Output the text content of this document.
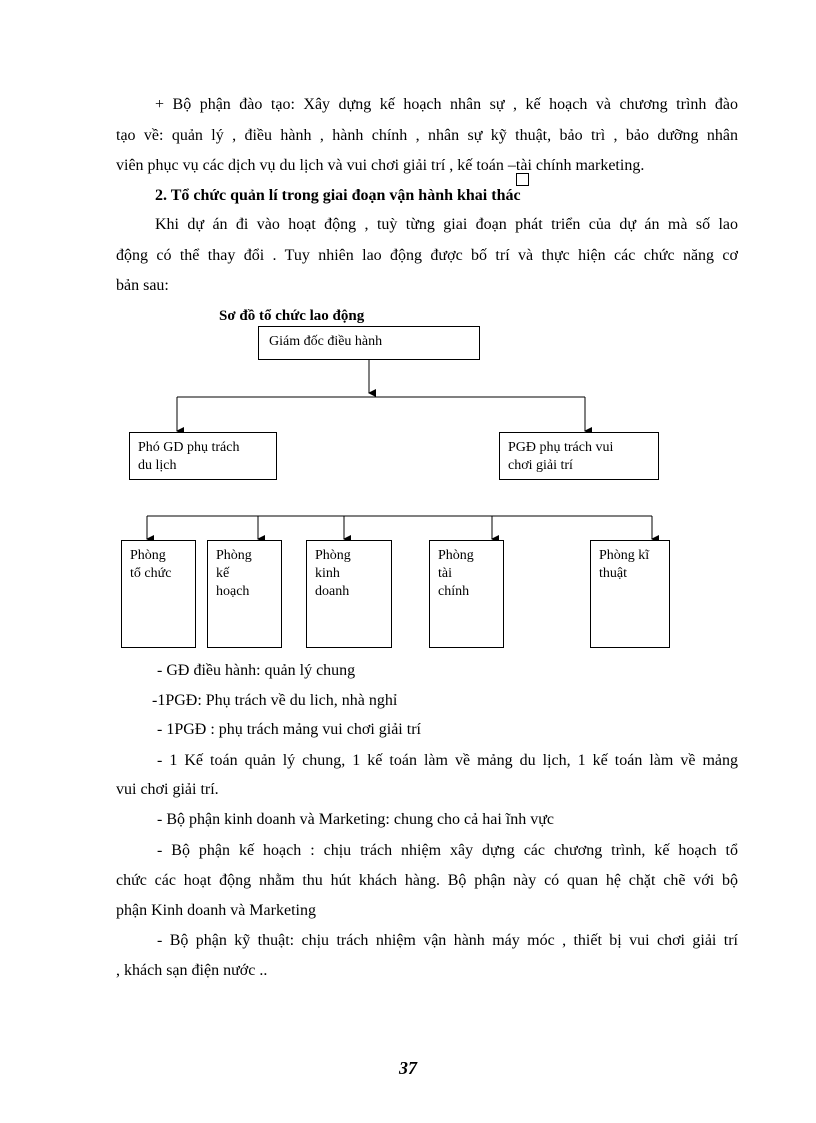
+ Bộ phận đào tạo: Xây dựng kế hoạch nhân sự , kế hoạch và chương trình đào
tạo về: quản lý , điều hành , hành chính , nhân sự kỹ thuật, bảo trì , bảo dưỡng nhân
viên phục vụ các dịch vụ du lịch và vui chơi giải trí , kế toán –tài chính marketing.
2. Tổ chức quản lí trong giai đoạn vận hành khai thác
Khi dự án đi vào hoạt động , tuỳ từng giai đoạn phát triển của dự án mà số lao
động có thể thay đổi . Tuy nhiên lao động được bố trí và thực hiện các chức năng cơ
bản sau:
Sơ đồ tổ chức lao động
Giám đốc điều hành
Phó GD phụ trách
du lịch
PGĐ phụ trách vui
chơi giải trí
Phòng
tổ chức
Phòng
kế
hoạch
Phòng
kinh
doanh
Phòng
tài
chính
Phòng kĩ
thuật
- GĐ điều hành: quản lý chung
-1PGĐ: Phụ trách về du lich, nhà nghỉ
- 1PGĐ : phụ trách mảng vui chơi giải trí
- 1 Kế toán quản lý chung, 1 kế toán làm về mảng du lịch, 1 kế toán làm về mảng
vui chơi giải trí.
- Bộ phận kinh doanh và Marketing: chung cho cả hai ĩnh vực
- Bộ phận kế hoạch : chịu trách nhiệm xây dựng các chương trình, kế hoạch tổ
chức các hoạt động nhằm thu hút khách hàng. Bộ phận này có quan hệ chặt chẽ với bộ
phận Kinh doanh và Marketing
- Bộ phận kỹ thuật: chịu trách nhiệm vận hành máy móc , thiết bị vui chơi giải trí
, khách sạn điện nước ..
37
